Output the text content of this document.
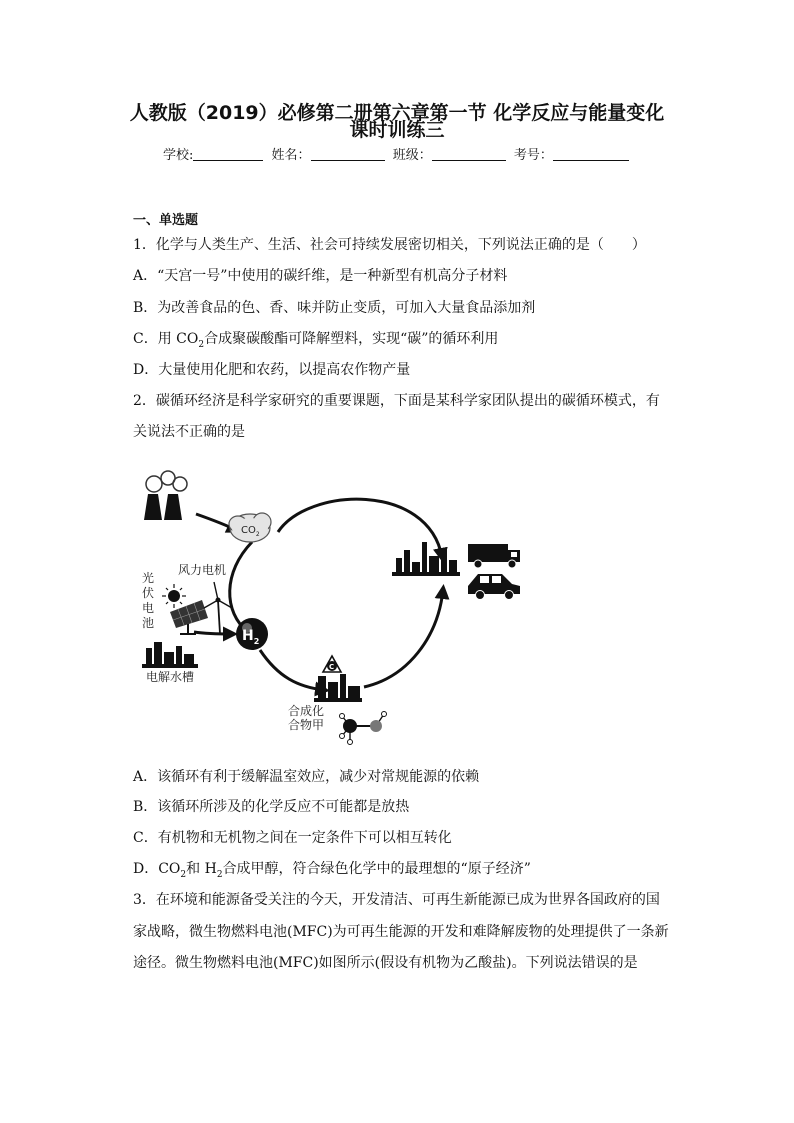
人教版（2019）必修第二册第六章第一节 化学反应与能量变化
课时训练三
学校:	姓名：	班级：	考号：
一、单选题
1．化学与人类生产、生活、社会可持续发展密切相关，下列说法正确的是（　　）
A．“天宫一号”中使用的碳纤维，是一种新型有机高分子材料
B．为改善食品的色、香、味并防止变质，可加入大量食品添加剂
C．用 $CO_2$合成聚碳酸酯可降解塑料，实现“碳”的循环利用
D．大量使用化肥和农药，以提高农作物产量
2．碳循环经济是科学家研究的重要课题，下面是某科学家团队提出的碳循环模式，有
关说法不正确的是
$CO_2$
$H_2$
风力电机
光
伏
电
池
电解水槽
C
合成化
合物甲
A．该循环有利于缓解温室效应，减少对常规能源的依赖
B．该循环所涉及的化学反应不可能都是放热
C．有机物和无机物之间在一定条件下可以相互转化
D．$CO_2$和 $H_2$合成甲醇，符合绿色化学中的最理想的“原子经济”
3．在环境和能源备受关注的今天，开发清洁、可再生新能源已成为世界各国政府的国
家战略，微生物燃料电池(MFC)为可再生能源的开发和难降解废物的处理提供了一条新
途径。微生物燃料电池(MFC)如图所示(假设有机物为乙酸盐)。下列说法错误的是
